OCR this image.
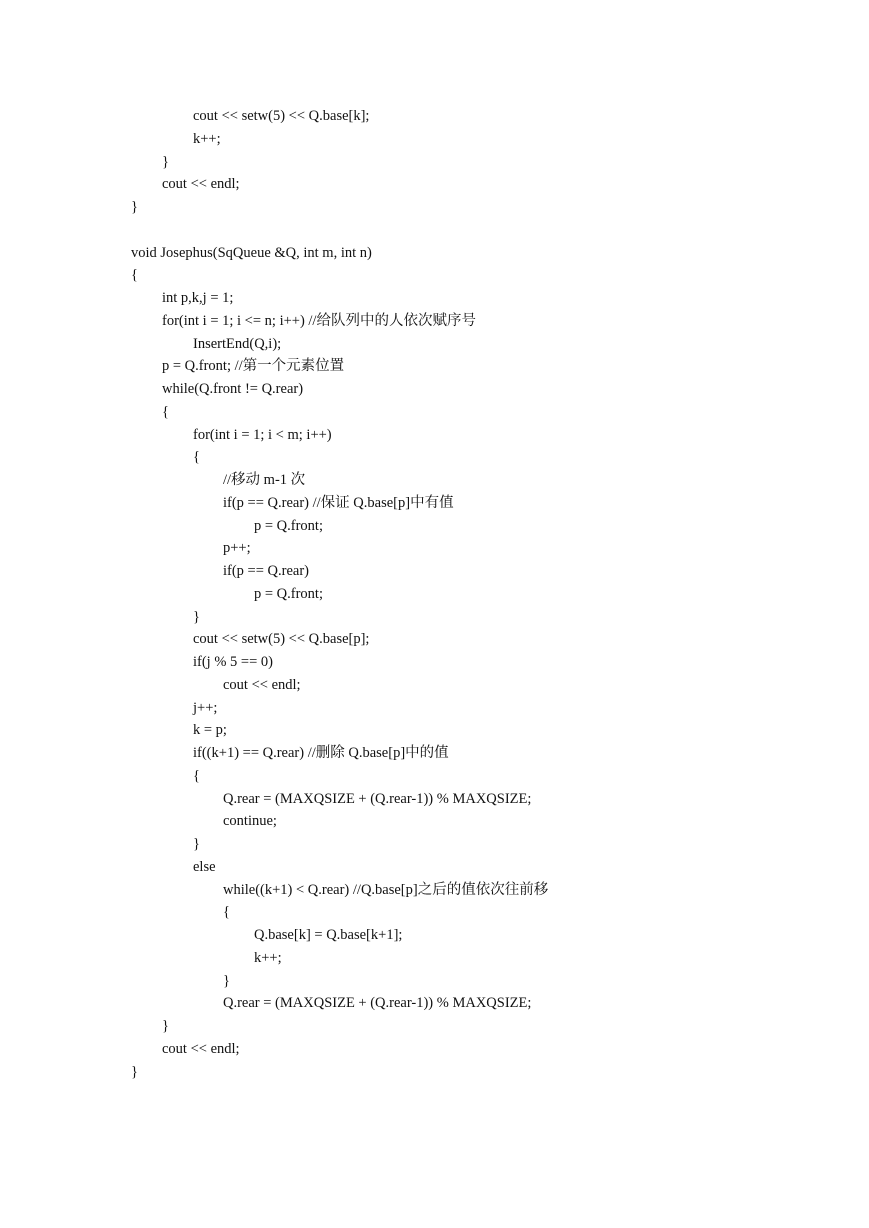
cout << setw(5) << Q.base[k];
k++;
}
cout << endl;
}
void Josephus(SqQueue &Q, int m, int n)
{
int p,k,j = 1;
for(int i = 1; i <= n; i++) //给队列中的人依次赋序号
InsertEnd(Q,i);
p = Q.front; //第一个元素位置
while(Q.front != Q.rear)
{
for(int i = 1; i < m; i++)
{
//移动 m-1 次
if(p == Q.rear) //保证 Q.base[p]中有值
p = Q.front;
p++;
if(p == Q.rear)
p = Q.front;
}
cout << setw(5) << Q.base[p];
if(j % 5 == 0)
cout << endl;
j++;
k = p;
if((k+1) == Q.rear) //删除 Q.base[p]中的值
{
Q.rear = (MAXQSIZE + (Q.rear-1)) % MAXQSIZE;
continue;
}
else
while((k+1) < Q.rear) //Q.base[p]之后的值依次往前移
{
Q.base[k] = Q.base[k+1];
k++;
}
Q.rear = (MAXQSIZE + (Q.rear-1)) % MAXQSIZE;
}
cout << endl;
}
